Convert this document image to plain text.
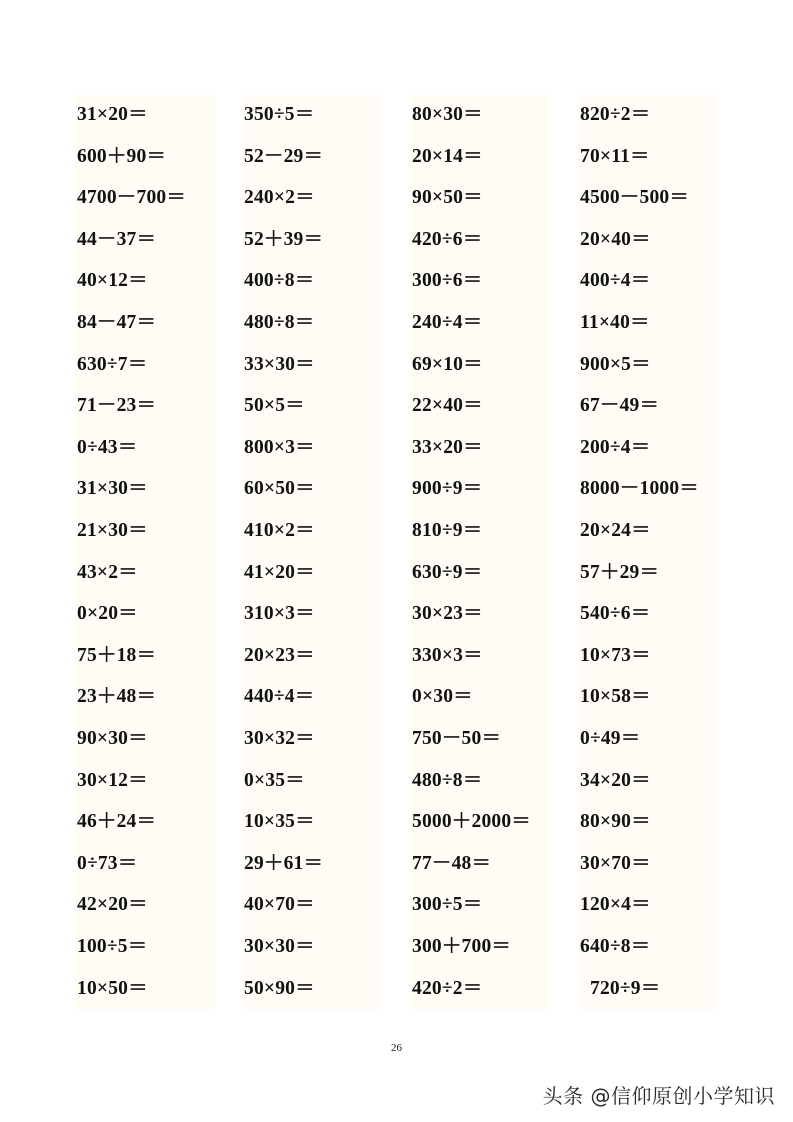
31×20＝
600＋90＝
4700－700＝
44－37＝
40×12＝
84－47＝
630÷7＝
71－23＝
0÷43＝
31×30＝
21×30＝
43×2＝
0×20＝
75＋18＝
23＋48＝
90×30＝
30×12＝
46＋24＝
0÷73＝
42×20＝
100÷5＝
10×50＝
350÷5＝
52－29＝
240×2＝
52＋39＝
400÷8＝
480÷8＝
33×30＝
50×5＝
800×3＝
60×50＝
410×2＝
41×20＝
310×3＝
20×23＝
440÷4＝
30×32＝
0×35＝
10×35＝
29＋61＝
40×70＝
30×30＝
50×90＝
80×30＝
20×14＝
90×50＝
420÷6＝
300÷6＝
240÷4＝
69×10＝
22×40＝
33×20＝
900÷9＝
810÷9＝
630÷9＝
30×23＝
330×3＝
0×30＝
750－50＝
480÷8＝
5000＋2000＝
77－48＝
300÷5＝
300＋700＝
420÷2＝
820÷2＝
70×11＝
4500－500＝
20×40＝
400÷4＝
11×40＝
900×5＝
67－49＝
200÷4＝
8000－1000＝
20×24＝
57＋29＝
540÷6＝
10×73＝
10×58＝
0÷49＝
34×20＝
80×90＝
30×70＝
120×4＝
640÷8＝
720÷9＝
26
头条 @信仰原创小学知识
